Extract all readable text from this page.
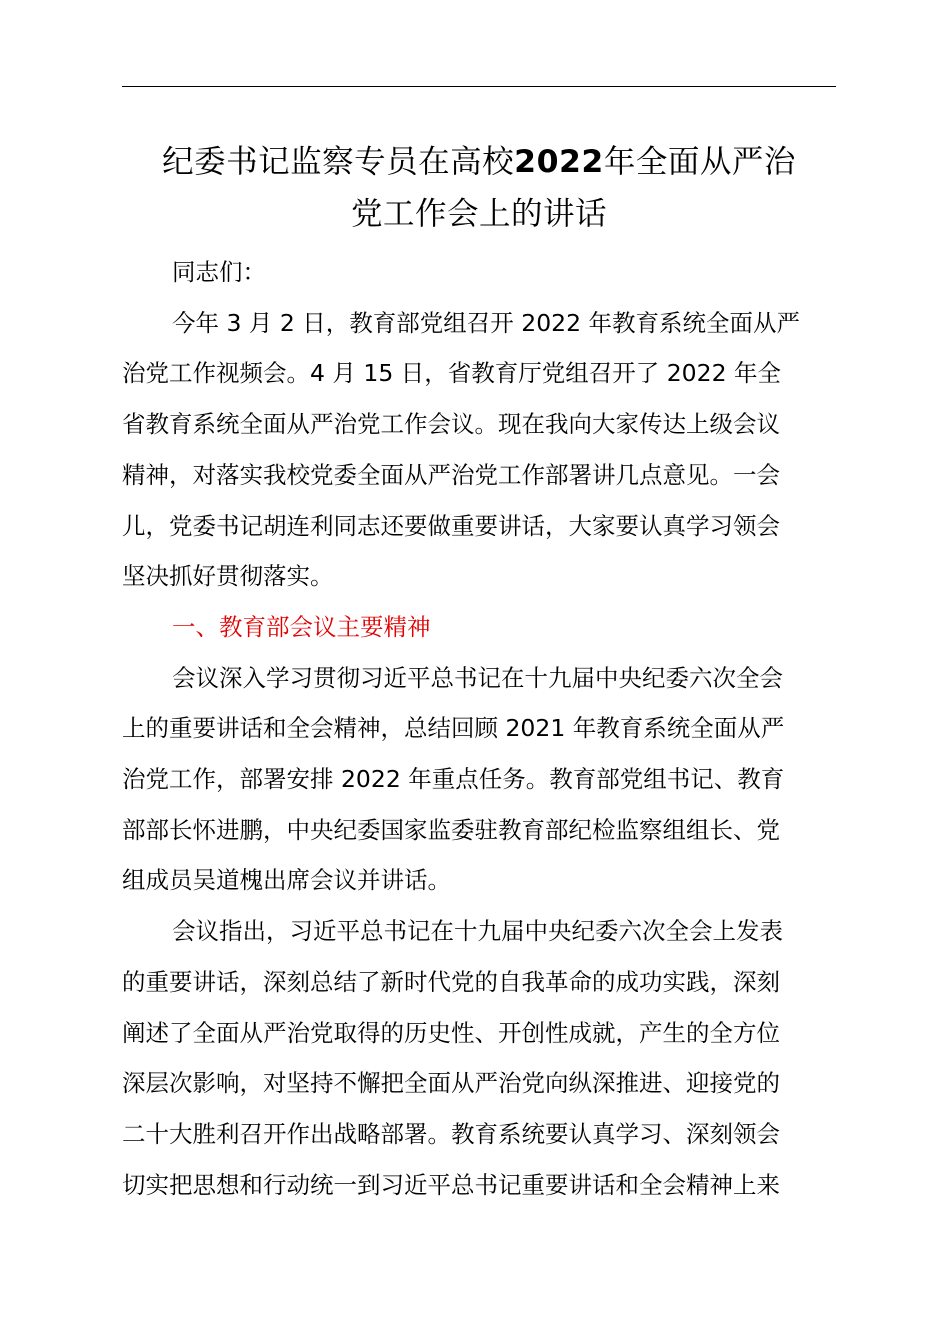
纪委书记监察专员在高校2022年全面从严治
党工作会上的讲话
同志们：
今年 3 月 2 日，教育部党组召开 2022 年教育系统全面从严
治党工作视频会。4 月 15 日，省教育厅党组召开了 2022 年全
省教育系统全面从严治党工作会议。现在我向大家传达上级会议
精神，对落实我校党委全面从严治党工作部署讲几点意见。一会
儿，党委书记胡连利同志还要做重要讲话，大家要认真学习领会
坚决抓好贯彻落实。
一、教育部会议主要精神
会议深入学习贯彻习近平总书记在十九届中央纪委六次全会
上的重要讲话和全会精神，总结回顾 2021 年教育系统全面从严
治党工作，部署安排 2022 年重点任务。教育部党组书记、教育
部部长怀进鹏，中央纪委国家监委驻教育部纪检监察组组长、党
组成员吴道槐出席会议并讲话。
会议指出，习近平总书记在十九届中央纪委六次全会上发表
的重要讲话，深刻总结了新时代党的自我革命的成功实践，深刻
阐述了全面从严治党取得的历史性、开创性成就，产生的全方位
深层次影响，对坚持不懈把全面从严治党向纵深推进、迎接党的
二十大胜利召开作出战略部署。教育系统要认真学习、深刻领会
切实把思想和行动统一到习近平总书记重要讲话和全会精神上来
